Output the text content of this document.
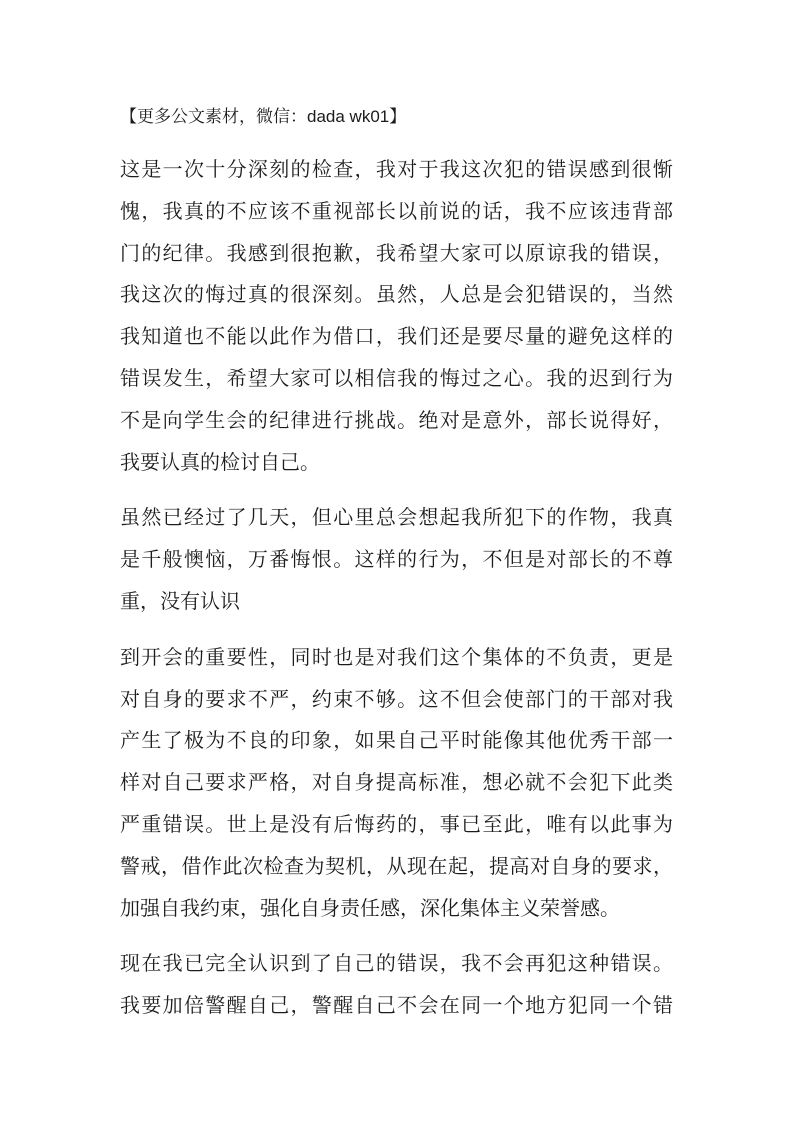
【更多公文素材，微信：dada wk01】
这是一次十分深刻的检查，我对于我这次犯的错误感到很惭
愧，我真的不应该不重视部长以前说的话，我不应该违背部
门的纪律。我感到很抱歉，我希望大家可以原谅我的错误，
我这次的悔过真的很深刻。虽然，人总是会犯错误的，当然
我知道也不能以此作为借口，我们还是要尽量的避免这样的
错误发生，希望大家可以相信我的悔过之心。我的迟到行为
不是向学生会的纪律进行挑战。绝对是意外，部长说得好，
我要认真的检讨自己。
虽然已经过了几天，但心里总会想起我所犯下的作物，我真
是千般懊恼，万番悔恨。这样的行为，不但是对部长的不尊
重，没有认识
到开会的重要性，同时也是对我们这个集体的不负责，更是
对自身的要求不严，约束不够。这不但会使部门的干部对我
产生了极为不良的印象，如果自己平时能像其他优秀干部一
样对自己要求严格，对自身提高标准，想必就不会犯下此类
严重错误。世上是没有后悔药的，事已至此，唯有以此事为
警戒，借作此次检查为契机，从现在起，提高对自身的要求，
加强自我约束，强化自身责任感，深化集体主义荣誉感。
现在我已完全认识到了自己的错误，我不会再犯这种错误。
我要加倍警醒自己，警醒自己不会在同一个地方犯同一个错
